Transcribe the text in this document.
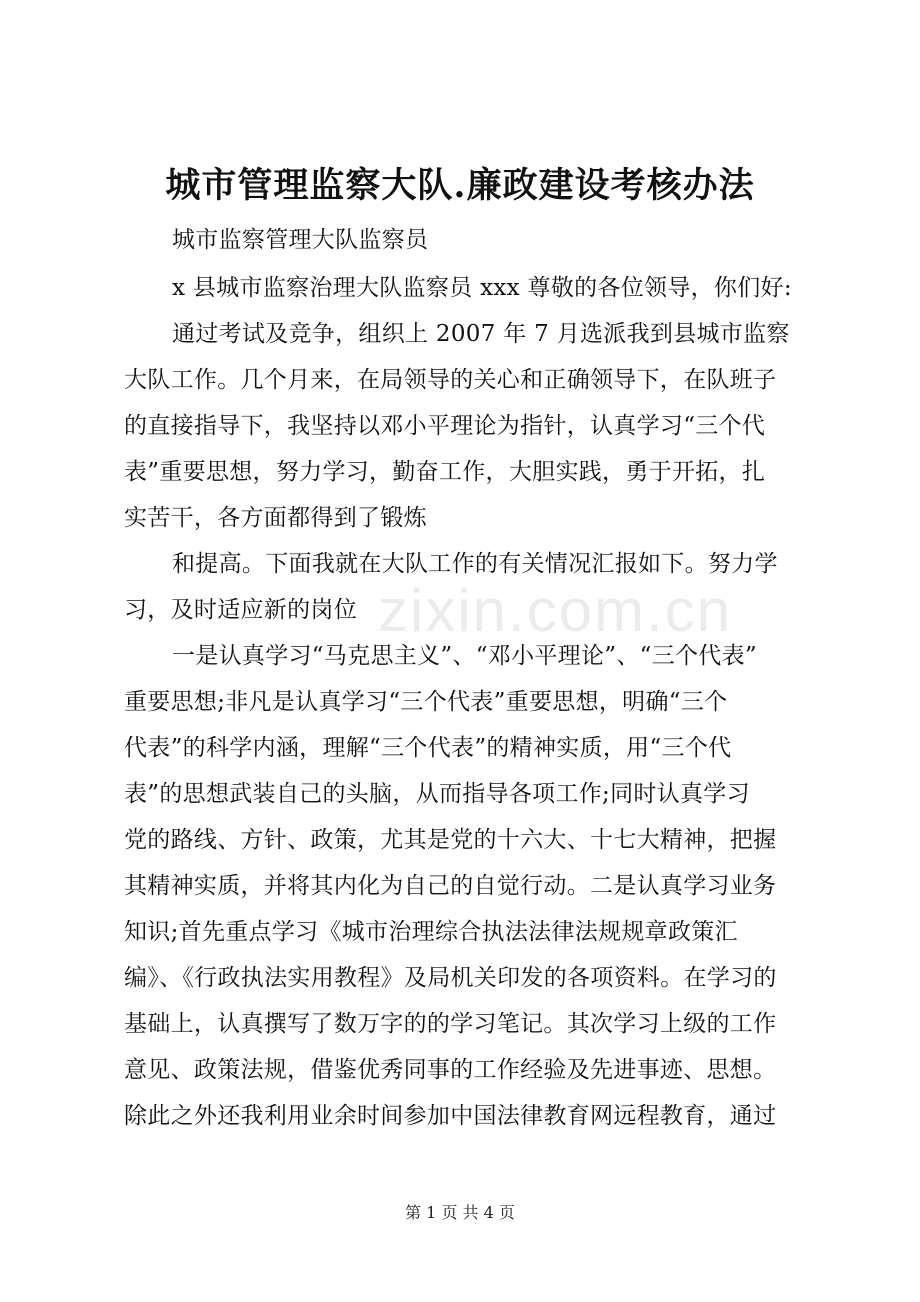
zixin.com.cn
城市管理监察大队.廉政建设考核办法
城市监察管理大队监察员
x 县城市监察治理大队监察员 xxx 尊敬的各位领导，你们好:
通过考试及竞争，组织上 2007 年 7 月选派我到县城市监察
大队工作。几个月来，在局领导的关心和正确领导下，在队班子
的直接指导下，我坚持以邓小平理论为指针，认真学习“三个代
表”重要思想，努力学习，勤奋工作，大胆实践，勇于开拓，扎
实苦干，各方面都得到了锻炼
和提高。下面我就在大队工作的有关情况汇报如下。努力学
习，及时适应新的岗位
一是认真学习“马克思主义”、“邓小平理论”、“三个代表”
重要思想;非凡是认真学习“三个代表”重要思想，明确“三个
代表”的科学内涵，理解“三个代表”的精神实质，用“三个代
表”的思想武装自己的头脑，从而指导各项工作;同时认真学习
党的路线、方针、政策，尤其是党的十六大、十七大精神，把握
其精神实质，并将其内化为自己的自觉行动。二是认真学习业务
知识;首先重点学习《城市治理综合执法法律法规规章政策汇
编》、《行政执法实用教程》及局机关印发的各项资料。在学习的
基础上，认真撰写了数万字的的学习笔记。其次学习上级的工作
意见、政策法规，借鉴优秀同事的工作经验及先进事迹、思想。
除此之外还我利用业余时间参加中国法律教育网远程教育，通过
第 1 页 共 4 页
